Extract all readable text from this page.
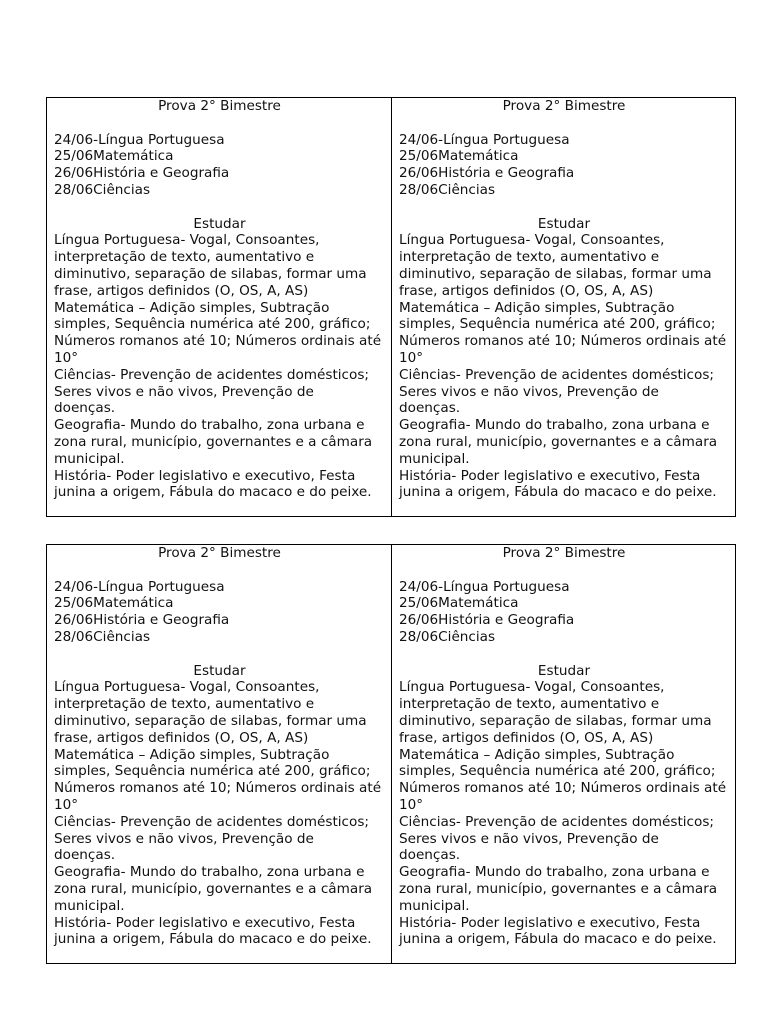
Prova 2° Bimestre
24/06-Língua Portuguesa
25/06Matemática
26/06História e Geografia
28/06Ciências
Estudar
Língua Portuguesa- Vogal, Consoantes,
interpretação de texto, aumentativo e
diminutivo, separação de silabas, formar uma
frase, artigos definidos (O, OS, A, AS)
Matemática – Adição simples, Subtração
simples, Sequência numérica até 200, gráfico;
Números romanos até 10; Números ordinais até
10°
Ciências- Prevenção de acidentes domésticos;
Seres vivos e não vivos, Prevenção de
doenças.
Geografia- Mundo do trabalho, zona urbana e
zona rural, município, governantes e a câmara
municipal.
História- Poder legislativo e executivo, Festa
junina a origem, Fábula do macaco e do peixe.
Prova 2° Bimestre
24/06-Língua Portuguesa
25/06Matemática
26/06História e Geografia
28/06Ciências
Estudar
Língua Portuguesa- Vogal, Consoantes,
interpretação de texto, aumentativo e
diminutivo, separação de silabas, formar uma
frase, artigos definidos (O, OS, A, AS)
Matemática – Adição simples, Subtração
simples, Sequência numérica até 200, gráfico;
Números romanos até 10; Números ordinais até
10°
Ciências- Prevenção de acidentes domésticos;
Seres vivos e não vivos, Prevenção de
doenças.
Geografia- Mundo do trabalho, zona urbana e
zona rural, município, governantes e a câmara
municipal.
História- Poder legislativo e executivo, Festa
junina a origem, Fábula do macaco e do peixe.
Prova 2° Bimestre
24/06-Língua Portuguesa
25/06Matemática
26/06História e Geografia
28/06Ciências
Estudar
Língua Portuguesa- Vogal, Consoantes,
interpretação de texto, aumentativo e
diminutivo, separação de silabas, formar uma
frase, artigos definidos (O, OS, A, AS)
Matemática – Adição simples, Subtração
simples, Sequência numérica até 200, gráfico;
Números romanos até 10; Números ordinais até
10°
Ciências- Prevenção de acidentes domésticos;
Seres vivos e não vivos, Prevenção de
doenças.
Geografia- Mundo do trabalho, zona urbana e
zona rural, município, governantes e a câmara
municipal.
História- Poder legislativo e executivo, Festa
junina a origem, Fábula do macaco e do peixe.
Prova 2° Bimestre
24/06-Língua Portuguesa
25/06Matemática
26/06História e Geografia
28/06Ciências
Estudar
Língua Portuguesa- Vogal, Consoantes,
interpretação de texto, aumentativo e
diminutivo, separação de silabas, formar uma
frase, artigos definidos (O, OS, A, AS)
Matemática – Adição simples, Subtração
simples, Sequência numérica até 200, gráfico;
Números romanos até 10; Números ordinais até
10°
Ciências- Prevenção de acidentes domésticos;
Seres vivos e não vivos, Prevenção de
doenças.
Geografia- Mundo do trabalho, zona urbana e
zona rural, município, governantes e a câmara
municipal.
História- Poder legislativo e executivo, Festa
junina a origem, Fábula do macaco e do peixe.
